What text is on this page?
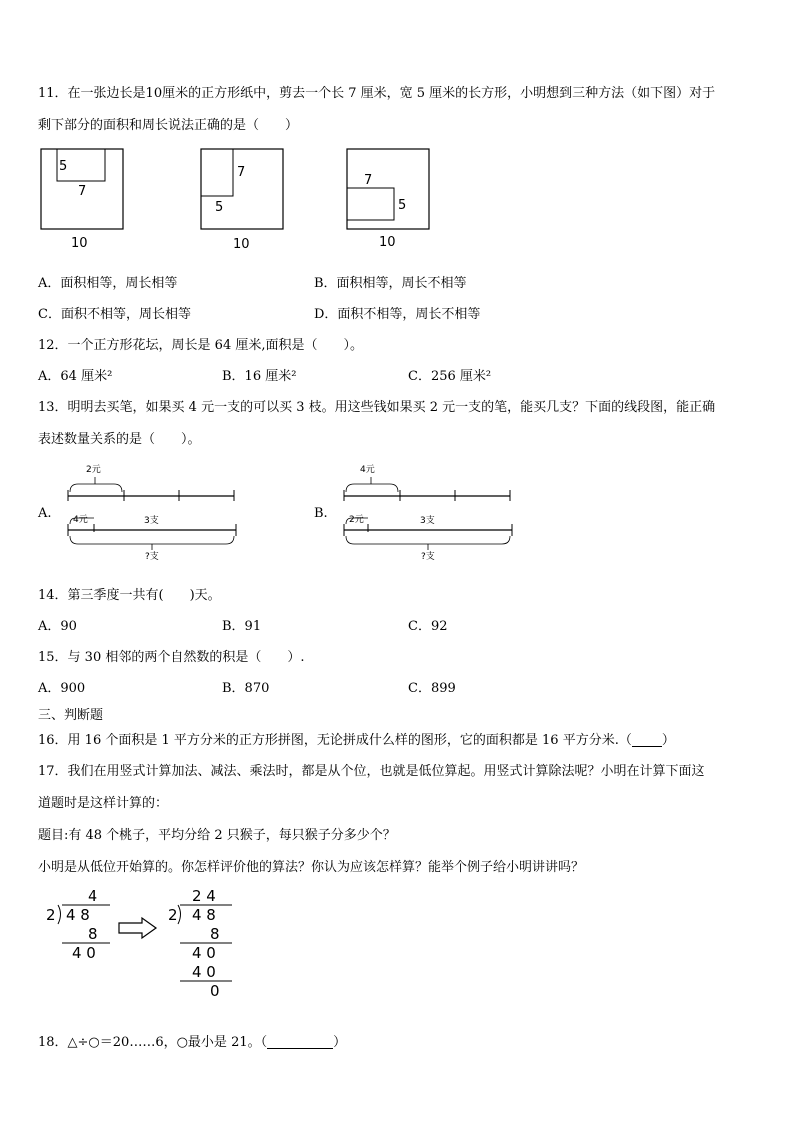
11．在一张边长是10厘米的正方形纸中，剪去一个长 7 厘米，宽 5 厘米的长方形，小明想到三种方法（如下图）对于
剩下部分的面积和周长说法正确的是（　　）
5
7
10
7
5
10
7
5
10
A．面积相等，周长相等	B．面积相等，周长不相等
C．面积不相等，周长相等	D．面积不相等，周长不相等
12．一个正方形花坛，周长是 64 厘米,面积是（　　）。
A．64 厘米²	B．16 厘米²	C．256 厘米²
13．明明去买笔，如果买 4 元一支的可以买 3 枝。用这些钱如果买 2 元一支的笔，能买几支？下面的线段图，能正确
表述数量关系的是（　　）。
A.
2元
4元	3支
?支
B.
4元
2元	3支
?支
14．第三季度一共有(　　)天。
A．90	B．91	C．92
15．与 30 相邻的两个自然数的积是（　　）.
A．900	B．870	C．899
三、判断题
16．用 16 个面积是 1 平方分米的正方形拼图，无论拼成什么样的图形，它的面积都是 16 平方分米.（ ）
17．我们在用竖式计算加法、减法、乘法时，都是从个位，也就是低位算起。用竖式计算除法呢？小明在计算下面这
道题时是这样计算的：
题目:有 48 个桃子，平均分给 2 只猴子，每只猴子分多少个？
小明是从低位开始算的。你怎样评价他的算法？你认为应该怎样算？能举个例子给小明讲讲吗？
4
2 4 8
8
4 0
2 4
2 4 8
8
4 0
4 0
0
18．△÷○＝20……6，○最小是 21。（	）
